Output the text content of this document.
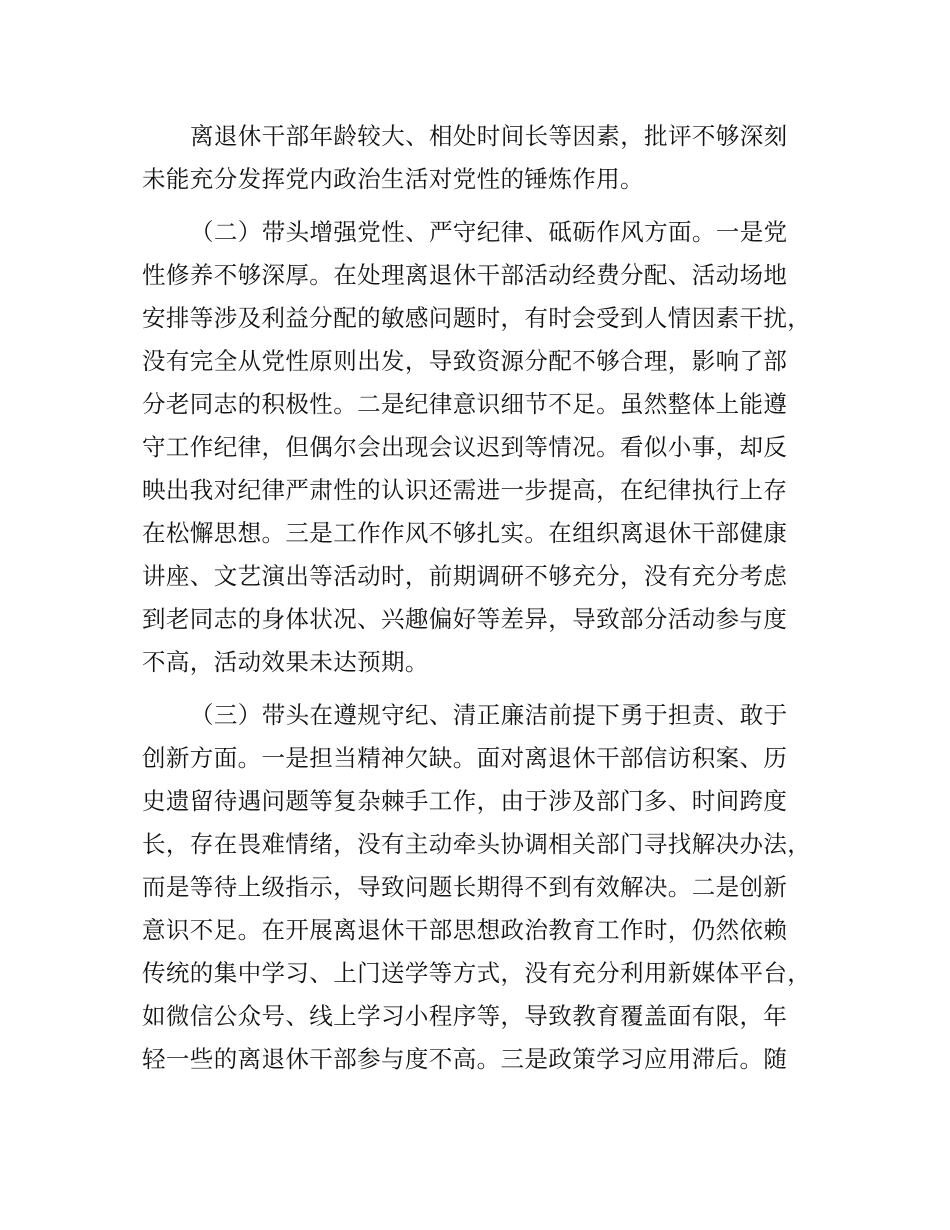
离退休干部年龄较大、相处时间长等因素，批评不够深刻
未能充分发挥党内政治生活对党性的锤炼作用。
（二）带头增强党性、严守纪律、砥砺作风方面。一是党
性修养不够深厚。在处理离退休干部活动经费分配、活动场地
安排等涉及利益分配的敏感问题时，有时会受到人情因素干扰，
没有完全从党性原则出发，导致资源分配不够合理，影响了部
分老同志的积极性。二是纪律意识细节不足。虽然整体上能遵
守工作纪律，但偶尔会出现会议迟到等情况。看似小事，却反
映出我对纪律严肃性的认识还需进一步提高，在纪律执行上存
在松懈思想。三是工作作风不够扎实。在组织离退休干部健康
讲座、文艺演出等活动时，前期调研不够充分，没有充分考虑
到老同志的身体状况、兴趣偏好等差异，导致部分活动参与度
不高，活动效果未达预期。
（三）带头在遵规守纪、清正廉洁前提下勇于担责、敢于
创新方面。一是担当精神欠缺。面对离退休干部信访积案、历
史遗留待遇问题等复杂棘手工作，由于涉及部门多、时间跨度
长，存在畏难情绪，没有主动牵头协调相关部门寻找解决办法，
而是等待上级指示，导致问题长期得不到有效解决。二是创新
意识不足。在开展离退休干部思想政治教育工作时，仍然依赖
传统的集中学习、上门送学等方式，没有充分利用新媒体平台，
如微信公众号、线上学习小程序等，导致教育覆盖面有限，年
轻一些的离退休干部参与度不高。三是政策学习应用滞后。随
